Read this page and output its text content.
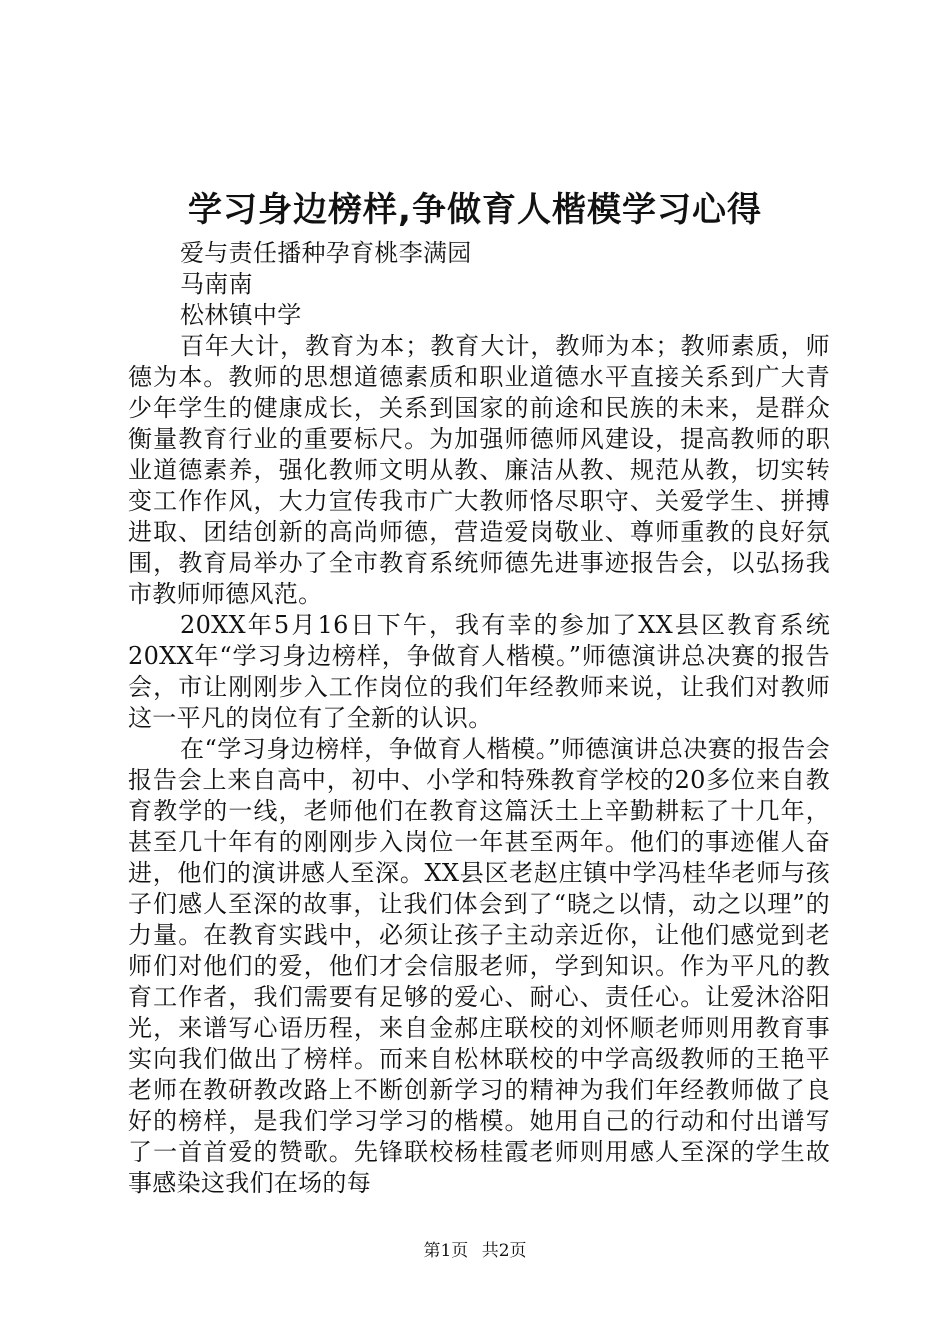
学习身边榜样,争做育人楷模学习心得

爱与责任播种孕育桃李满园

马南南

松林镇中学

百年大计，教育为本；教育大计，教师为本；教师素质，师德为本。教师的思想道德素质和职业道德水平直接关系到广大青少年学生的健康成长，关系到国家的前途和民族的未来，是群众衡量教育行业的重要标尺。为加强师德师风建设，提高教师的职业道德素养，强化教师文明从教、廉洁从教、规范从教，切实转变工作作风，大力宣传我市广大教师恪尽职守、关爱学生、拼搏进取、团结创新的高尚师德，营造爱岗敬业、尊师重教的良好氛围，教育局举办了全市教育系统师德先进事迹报告会，以弘扬我市教师师德风范。

20XX年5月16日下午，我有幸的参加了XX县区教育系统20XX年“学习身边榜样，争做育人楷模。”师德演讲总决赛的报告会，市让刚刚步入工作岗位的我们年经教师来说，让我们对教师这一平凡的岗位有了全新的认识。

在“学习身边榜样，争做育人楷模。”师德演讲总决赛的报告会报告会上来自高中，初中、小学和特殊教育学校的20多位来自教育教学的一线，老师他们在教育这篇沃土上辛勤耕耘了十几年，甚至几十年有的刚刚步入岗位一年甚至两年。他们的事迹催人奋进，他们的演讲感人至深。XX县区老赵庄镇中学冯桂华老师与孩子们感人至深的故事，让我们体会到了“晓之以情，动之以理”的力量。在教育实践中，必须让孩子主动亲近你，让他们感觉到老师们对他们的爱，他们才会信服老师，学到知识。作为平凡的教育工作者，我们需要有足够的爱心、耐心、责任心。让爱沐浴阳光，来谱写心语历程，来自金郝庄联校的刘怀顺老师则用教育事实向我们做出了榜样。而来自松林联校的中学高级教师的王艳平老师在教研教改路上不断创新学习的精神为我们年经教师做了良好的榜样，是我们学习学习的楷模。她用自己的行动和付出谱写了一首首爱的赞歌。先锋联校杨桂霞老师则用感人至深的学生故事感染这我们在场的每

第1页 共2页
